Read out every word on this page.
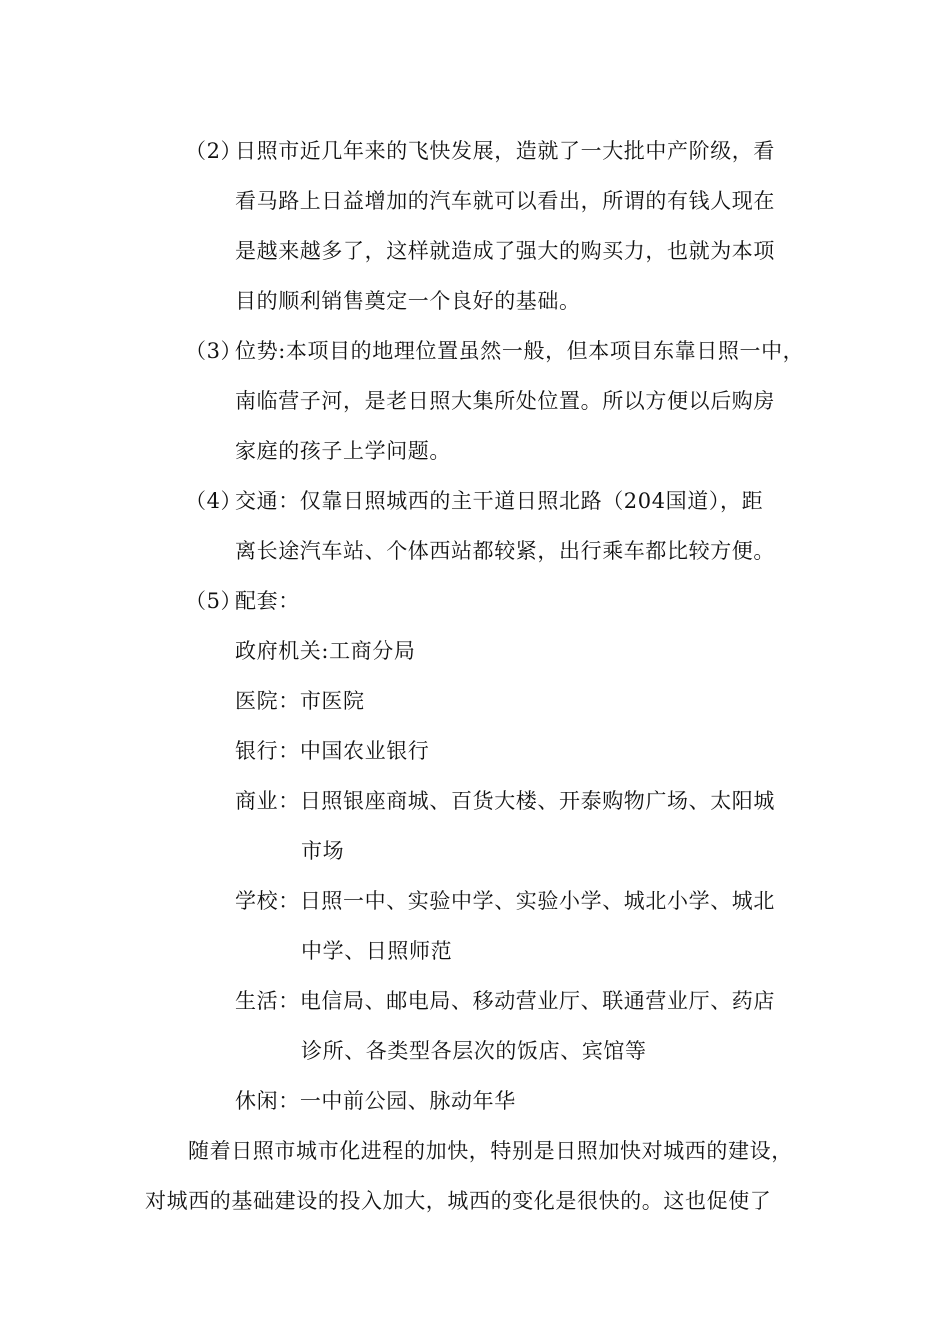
（2）日照市近几年来的飞快发展，造就了一大批中产阶级，看
看马路上日益增加的汽车就可以看出，所谓的有钱人现在
是越来越多了，这样就造成了强大的购买力，也就为本项
目的顺利销售奠定一个良好的基础。
（3）位势:本项目的地理位置虽然一般，但本项目东靠日照一中，
南临营子河，是老日照大集所处位置。所以方便以后购房
家庭的孩子上学问题。
（4）交通：仅靠日照城西的主干道日照北路（204国道），距
离长途汽车站、个体西站都较紧，出行乘车都比较方便。
（5）配套：
政府机关:工商分局
医院：市医院
银行：中国农业银行
商业：日照银座商城、百货大楼、开泰购物广场、太阳城
市场
学校：日照一中、实验中学、实验小学、城北小学、城北
中学、日照师范
生活：电信局、邮电局、移动营业厅、联通营业厅、药店
诊所、各类型各层次的饭店、宾馆等
休闲：一中前公园、脉动年华
随着日照市城市化进程的加快，特别是日照加快对城西的建设，
对城西的基础建设的投入加大，城西的变化是很快的。这也促使了
